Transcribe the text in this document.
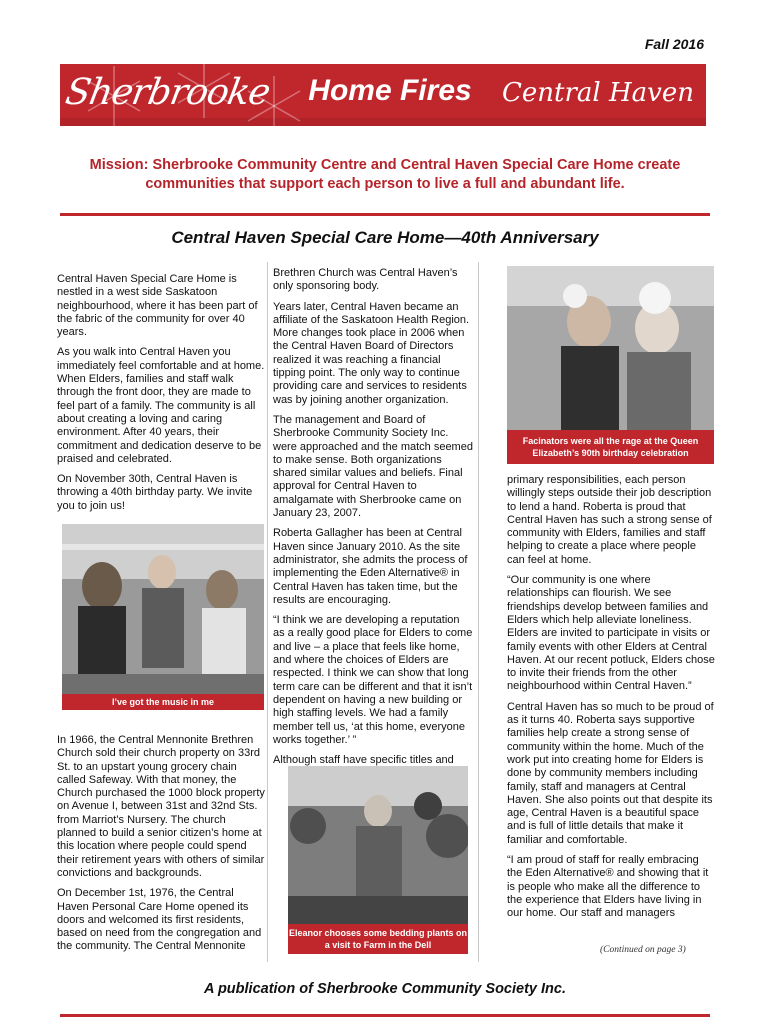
Fall 2016
Sherbrooke	Home Fires	Central Haven
Mission: Sherbrooke Community Centre and Central Haven Special Care Home create communities that support each person to live a full and abundant life.
Central Haven Special Care Home—40th Anniversary

Central Haven Special Care Home is nestled in a west side Saskatoon neighbourhood, where it has been part of the fabric of the community for over 40 years.

As you walk into Central Haven you immediately feel comfortable and at home. When Elders, families and staff walk through the front door, they are made to feel part of a family. The community is all about creating a loving and caring environment. After 40 years, their commitment and dedication deserve to be praised and celebrated.

On November 30th, Central Haven is throwing a 40th birthday party. We invite you to join us!

I’ve got the music in me

In 1966, the Central Mennonite Brethren Church sold their church property on 33rd St. to an upstart young grocery chain called Safeway. With that money, the Church purchased the 1000 block property on Avenue I, between 31st and 32nd Sts. from Marriot’s Nursery. The church planned to build a senior citizen’s home at this location where people could spend their retirement years with others of similar convictions and backgrounds.

On December 1st, 1976, the Central Haven Personal Care Home opened its doors and welcomed its first residents, based on need from the congregation and the community. The Central Mennonite

Brethren Church was Central Haven’s only sponsoring body.

Years later, Central Haven became an affiliate of the Saskatoon Health Region. More changes took place in 2006 when the Central Haven Board of Directors realized it was reaching a financial tipping point. The only way to continue providing care and services to residents was by joining another organization.

The management and Board of Sherbrooke Community Society Inc. were approached and the match seemed to make sense. Both organizations shared similar values and beliefs. Final approval for Central Haven to amalgamate with Sherbrooke came on January 23, 2007.

Roberta Gallagher has been at Central Haven since January 2010. As the site administrator, she admits the process of implementing the Eden Alternative® in Central Haven has taken time, but the results are encouraging.

“I think we are developing a reputation as a really good place for Elders to come and live – a place that feels like home, and where the choices of Elders are respected. I think we can show that long term care can be different and that it isn’t dependent on having a new building or high staffing levels. We had a family member tell us, ‘at this home, everyone works together.’ ”

Although staff have specific titles and

Eleanor chooses some bedding plants on a visit to Farm in the Dell
Facinators were all the rage at the Queen Elizabeth’s 90th birthday celebration

primary responsibilities, each person willingly steps outside their job description to lend a hand. Roberta is proud that Central Haven has such a strong sense of community with Elders, families and staff helping to create a place where people can feel at home.

“Our community is one where relationships can flourish. We see friendships develop between families and Elders which help alleviate loneliness. Elders are invited to participate in visits or family events with other Elders at Central Haven. At our recent potluck, Elders chose to invite their friends from the other neighbourhood within Central Haven.”

Central Haven has so much to be proud of as it turns 40. Roberta says supportive families help create a strong sense of community within the home. Much of the work put into creating home for Elders is done by community members including family, staff and managers at Central Haven. She also points out that despite its age, Central Haven is a beautiful space and is full of little details that make it familiar and comfortable.

“I am proud of staff for really embracing the Eden Alternative® and showing that it is people who make all the difference to the experience that Elders have living in our home. Our staff and managers

(Continued on page 3)
A publication of Sherbrooke Community Society Inc.
